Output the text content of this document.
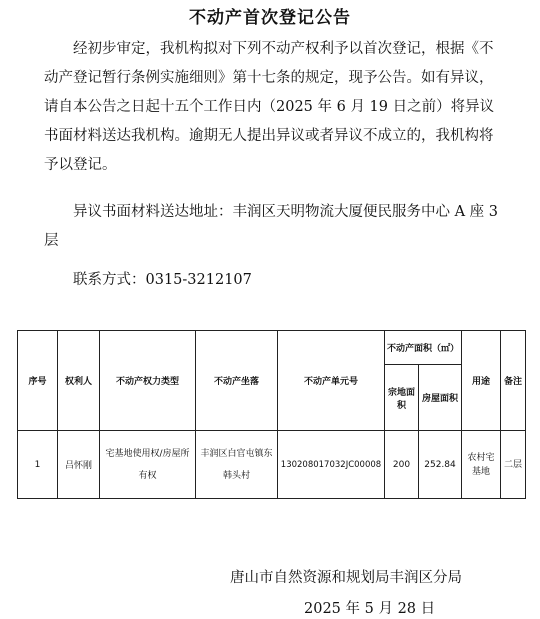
不动产首次登记公告
经初步审定，我机构拟对下列不动产权利予以首次登记，根据《不动产登记暂行条例实施细则》第十七条的规定，现予公告。如有异议，请自本公告之日起十五个工作日内（2025 年 6 月 19 日之前）将异议书面材料送达我机构。逾期无人提出异议或者异议不成立的，我机构将予以登记。
异议书面材料送达地址：丰润区天明物流大厦便民服务中心 A 座 3 层
联系方式：0315-3212107
序号	权利人	不动产权力类型	不动产坐落	不动产单元号	不动产面积（㎡）		用途	备注
					宗地面积	房屋面积		
1	吕怀刚	宅基地使用权/房屋所有权	丰润区白官屯镇东韩头村	130208017032JC00008	200	252.84	农村宅基地	二层
唐山市自然资源和规划局丰润区分局
2025 年 5 月 28 日
